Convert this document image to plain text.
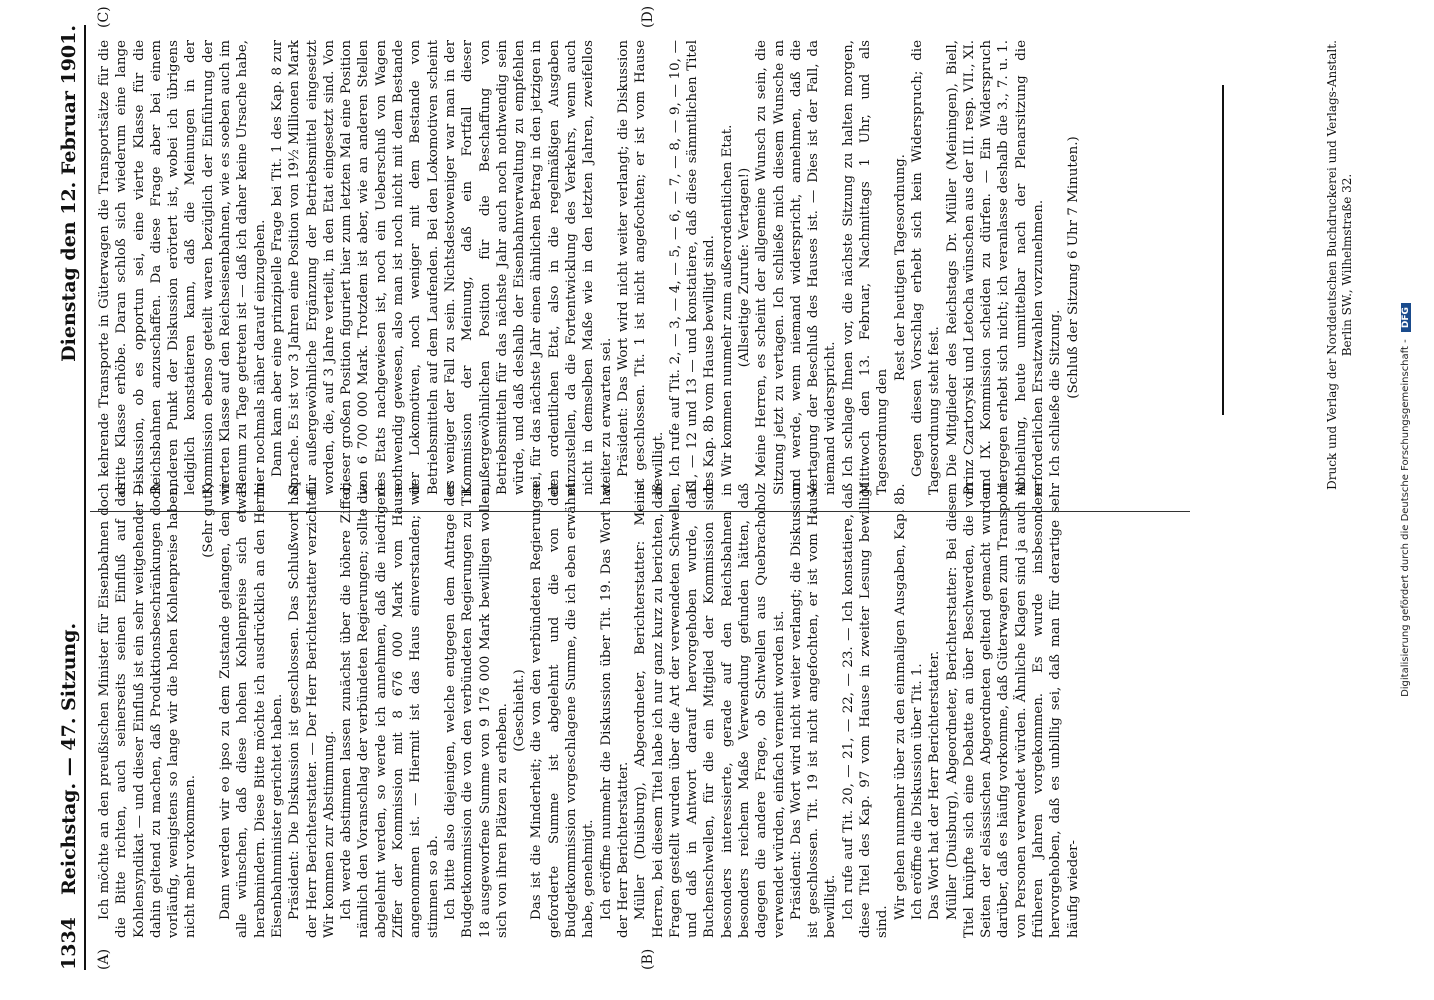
1334
Reichstag. — 47. Sitzung.
Dienstag den 12. Februar 1901.
(A)	(B)
(C)	(D)

Ich möchte an den preußischen Minister für Eisenbahnen doch die Bitte richten, auch seinerseits seinen Einfluß auf das Kohlensyndikat — und dieser Einfluß ist ein sehr weitgehender — dahin geltend zu machen, daß Produktionsbeschränkungen doch vorläufig, wenigstens so lange wir die hohen Kohlenpreise haben, nicht mehr vorkommen.

(Sehr gut!) Dann werden wir eo ipso zu dem Zustande gelangen, den wir alle wünschen, daß diese hohen Kohlenpreise sich etwas herabmindern. Diese Bitte möchte ich ausdrücklich an den Herrn Eisenbahnminister gerichtet haben. Präsident: Die Diskussion ist geschlossen. Das Schlußwort hat der Herr Berichterstatter. — Der Herr Berichterstatter verzichtet. Wir kommen zur Abstimmung. Ich werde abstimmen lassen zunächst über die höhere Ziffer, nämlich den Voranschlag der verbündeten Regierungen; sollte die abgelehnt werden, so werde ich annehmen, daß die niedrigere Ziffer der Kommission mit 8 676 000 Mark vom Hause angenommen ist. — Hiermit ist das Haus einverstanden; wir stimmen so ab. Ich bitte also diejenigen, welche entgegen dem Antrage der Budgetkommission die von den verbündeten Regierungen zu Tit. 18 ausgeworfene Summe von 9 176 000 Mark bewilligen wollen, sich von ihren Plätzen zu erheben. (Geschieht.) Das ist die Minderheit; die von den verbündeten Regierungen geforderte Summe ist abgelehnt und die von der Budgetkommission vorgeschlagene Summe, die ich eben erwähnt habe, genehmigt. Ich eröffne nunmehr die Diskussion über Tit. 19. Das Wort hat der Herr Berichterstatter. Müller (Duisburg), Abgeordneter, Berichterstatter: Meine Herren, bei diesem Titel habe ich nur ganz kurz zu berichten, daß Fragen gestellt wurden über die Art der verwendeten Schwellen, und daß in Antwort darauf hervorgehoben wurde, daß Buchenschwellen, für die ein Mitglied der Kommission sich besonders interessierte, gerade auf den Reichsbahnen in besonders reichem Maße Verwendung gefunden hätten, daß dagegen die andere Frage, ob Schwellen aus Quebrachoholz verwendet würden, einfach verneint worden ist. Präsident: Das Wort wird nicht weiter verlangt; die Diskussion ist geschlossen. Tit. 19 ist nicht angefochten, er ist vom Hause bewilligt. Ich rufe auf Tit. 20, — 21, — 22, — 23. — Ich konstatiere, daß diese Titel des Kap. 97 vom Hause in zweiter Lesung bewilligt sind.

Wir gehen nunmehr über zu den einmaligen Ausgaben, Kap. 8b. Ich eröffne die Diskussion über Tit. 1. Das Wort hat der Herr Berichterstatter. Müller (Duisburg), Abgeordneter, Berichterstatter: Bei diesem Titel knüpfte sich eine Debatte an über Beschwerden, die von Seiten der elsässischen Abgeordneten geltend gemacht wurden darüber, daß es häufig vorkomme, daß Güterwagen zum Transport von Personen verwendet würden. Ähnliche Klagen sind ja auch in früheren Jahren vorgekommen. Es wurde insbesondere hervorgehoben, daß es unbillig sei, daß man für derartige sehr häufig wieder-

kehrende Transporte in Güterwagen die Transportsätze für die dritte Klasse erhöbe. Daran schloß sich wiederum eine lange Diskussion, ob es opportun sei, eine vierte Klasse für die Reichsbahnen anzuschaffen. Da diese Frage aber bei einem anderen Punkt der Diskussion erörtert ist, wobei ich übrigens lediglich konstatieren kann, daß die Meinungen in der Kommission ebenso geteilt waren bezüglich der Einführung der vierten Klasse auf den Reichseisenbahnen, wie es soeben auch im Plenum zu Tage getreten ist — daß ich daher keine Ursache habe, hier nochmals näher darauf einzugehen. Dann kam aber eine prinzipielle Frage bei Tit. 1 des Kap. 8 zur Sprache. Es ist vor 3 Jahren eine Position von 19½ Millionen Mark für außergewöhnliche Ergänzung der Betriebsmittel eingesetzt worden, die, auf 3 Jahre verteilt, in den Etat eingesetzt sind. Von dieser großen Position figuriert hier zum letzten Mal eine Position von 6 700 000 Mark. Trotzdem ist aber, wie an anderen Stellen des Etats nachgewiesen ist, noch ein Ueberschuß von Wagen nothwendig gewesen, also man ist noch nicht mit dem Bestande der Lokomotiven, noch weniger mit dem Bestande von Betriebsmitteln auf dem Laufenden. Bei den Lokomotiven scheint es weniger der Fall zu sein. Nichtsdestoweniger war man in der Kommission der Meinung, daß ein Fortfall dieser außergewöhnlichen Position für die Beschaffung von Betriebsmitteln für das nächste Jahr auch noch nothwendig sein würde, und daß deshalb der Eisenbahnverwaltung zu empfehlen sei, für das nächste Jahr einen ähnlichen Betrag in den jetzigen in den ordentlichen Etat, also in die regelmäßigen Ausgaben einzustellen, da die Fortentwicklung des Verkehrs, wenn auch nicht in demselben Maße wie in den letzten Jahren, zweifellos weiter zu erwarten sei. Präsident: Das Wort wird nicht weiter verlangt; die Diskussion ist geschlossen. Tit. 1 ist nicht angefochten; er ist vom Hause bewilligt. Ich rufe auf Tit. 2, — 3, — 4, — 5, — 6, — 7, — 8, — 9, — 10, — 11, — 12 und 13 — und konstatiere, daß diese sämmtlichen Titel des Kap. 8b vom Hause bewilligt sind. Wir kommen nunmehr zum außerordentlichen Etat. (Allseitige Zurufe: Vertagen!) Meine Herren, es scheint der allgemeine Wunsch zu sein, die Sitzung jetzt zu vertagen. Ich schließe mich diesem Wunsche an und werde, wenn niemand widerspricht, annehmen, daß die Vertagung der Beschluß des Hauses ist. — Dies ist der Fall, da niemand widerspricht. Ich schlage Ihnen vor, die nächste Sitzung zu halten morgen, Mittwoch den 13. Februar, Nachmittags 1 Uhr, und als Tagesordnung den

Rest der heutigen Tagesordnung. Gegen diesen Vorschlag erhebt sich kein Widerspruch; die Tagesordnung steht fest. Die Mitglieder des Reichstags Dr. Müller (Meiningen), Biell, Prinz Czartoryski und Letocha wünschen aus der III. resp. VII., XI. und IX. Kommission scheiden zu dürfen. — Ein Widerspruch hiergegen erhebt sich nicht; ich veranlasse deshalb die 3., 7. u. 1. Abtheilung, heute unmittelbar nach der Plenarsitzung die erforderlichen Ersatzwahlen vorzunehmen. Ich schließe die Sitzung. (Schluß der Sitzung 6 Uhr 7 Minuten.)	Druck und Verlag der Norddeutschen Buchdruckerei und Verlags-Anstalt. Berlin SW., Wilhelmstraße 32.
Digitalisierung gefördert durch die Deutsche Forschungsgemeinschaft - DFG
